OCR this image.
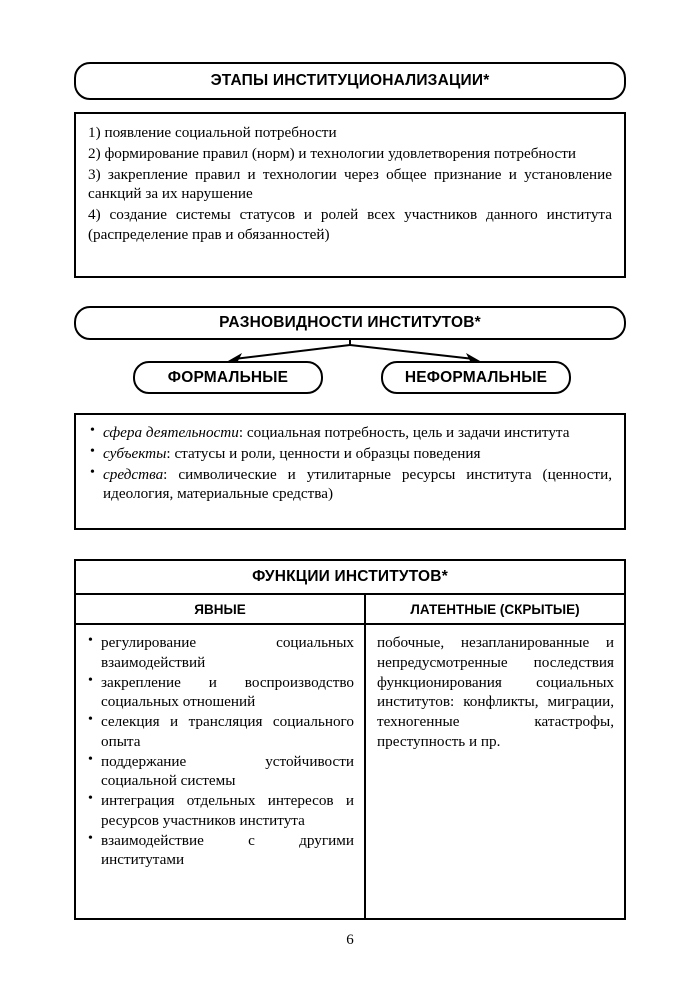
ЭТАПЫ ИНСТИТУЦИОНАЛИЗАЦИИ*
1) появление социальной потребности
2) формирование правил (норм) и технологии удовлетворения потребности
3) закрепление правил и технологии через общее признание и установление санкций за их нарушение
4) создание системы статусов и ролей всех участников данного института (распределение прав и обязанностей)
РАЗНОВИДНОСТИ ИНСТИТУТОВ*
ФОРМАЛЬНЫЕ	НЕФОРМАЛЬНЫЕ
• сфера деятельности: социальная потребность, цель и задачи института
• субъекты: статусы и роли, ценности и образцы поведения
• средства: символические и утилитарные ресурсы института (ценности, идеология, материальные средства)
ФУНКЦИИ ИНСТИТУТОВ*
ЯВНЫЕ	ЛАТЕНТНЫЕ (СКРЫТЫЕ)
• регулирование социальных взаимодействий
• закрепление и воспроизводство социальных отношений
• селекция и трансляция социального опыта
• поддержание устойчивости социальной системы
• интеграция отдельных интересов и ресурсов участников института
• взаимодействие с другими институтами

побочные, незапланированные и непредусмотренные последствия функционирования социальных институтов: конфликты, миграции, техногенные катастрофы, преступность и пр.

6
